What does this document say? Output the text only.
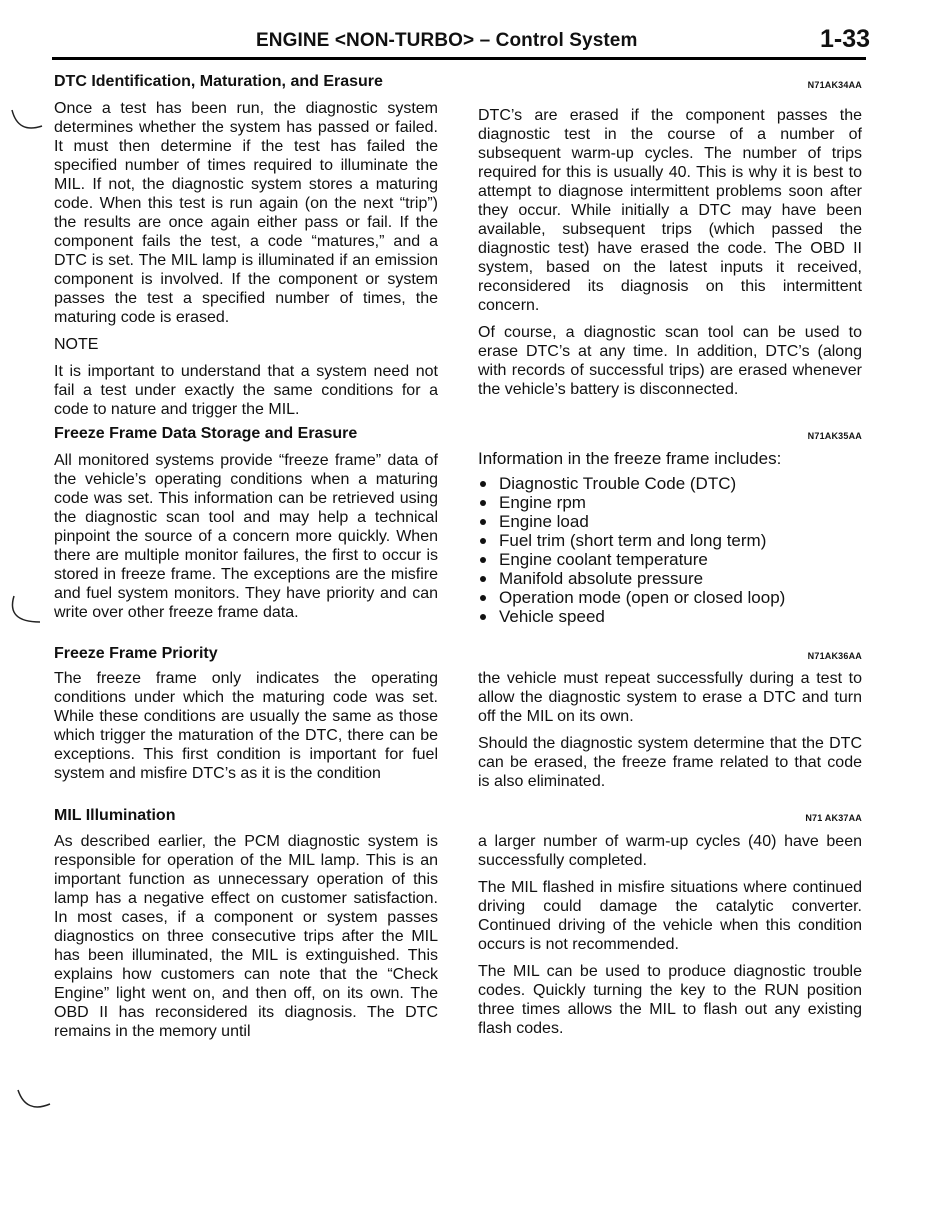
ENGINE <NON-TURBO> – Control System	1-33
DTC Identification, Maturation, and Erasure	N71AK34AA

Once a test has been run, the diagnostic system determines whether the system has passed or failed. It must then determine if the test has failed the specified number of times required to illuminate the MIL. If not, the diagnostic system stores a maturing code. When this test is run again (on the next “trip”) the results are once again either pass or fail. If the component fails the test, a code “matures,” and a DTC is set. The MIL lamp is illuminated if an emission component is involved. If the component or system passes the test a specified number of times, the maturing code is erased.

NOTE

It is important to understand that a system need not fail a test under exactly the same conditions for a code to nature and trigger the MIL.

DTC’s are erased if the component passes the diagnostic test in the course of a number of subsequent warm-up cycles. The number of trips required for this is usually 40. This is why it is best to attempt to diagnose intermittent problems soon after they occur. While initially a DTC may have been available, subsequent trips (which passed the diagnostic test) have erased the code. The OBD II system, based on the latest inputs it received, reconsidered its diagnosis on this intermittent concern.

Of course, a diagnostic scan tool can be used to erase DTC’s at any time. In addition, DTC’s (along with records of successful trips) are erased whenever the vehicle’s battery is disconnected.

Freeze Frame Data Storage and Erasure	N71AK35AA

All monitored systems provide “freeze frame” data of the vehicle’s operating conditions when a maturing code was set. This information can be retrieved using the diagnostic scan tool and may help a technical pinpoint the source of a concern more quickly. When there are multiple monitor failures, the first to occur is stored in freeze frame. The exceptions are the misfire and fuel system monitors. They have priority and can write over other freeze frame data.

Information in the freeze frame includes:

Diagnostic Trouble Code (DTC)
Engine rpm
Engine load
Fuel trim (short term and long term)
Engine coolant temperature
Manifold absolute pressure
Operation mode (open or closed loop)
Vehicle speed
Freeze Frame Priority	N71AK36AA

The freeze frame only indicates the operating conditions under which the maturing code was set. While these conditions are usually the same as those which trigger the maturation of the DTC, there can be exceptions. This first condition is important for fuel system and misfire DTC’s as it is the condition

the vehicle must repeat successfully during a test to allow the diagnostic system to erase a DTC and turn off the MIL on its own.

Should the diagnostic system determine that the DTC can be erased, the freeze frame related to that code is also eliminated.

MIL Illumination	N71 AK37AA

As described earlier, the PCM diagnostic system is responsible for operation of the MIL lamp. This is an important function as unnecessary operation of this lamp has a negative effect on customer satisfaction. In most cases, if a component or system passes diagnostics on three consecutive trips after the MIL has been illuminated, the MIL is extinguished. This explains how customers can note that the “Check Engine” light went on, and then off, on its own. The OBD II has reconsidered its diagnosis. The DTC remains in the memory until

a larger number of warm-up cycles (40) have been successfully completed.

The MIL flashed in misfire situations where continued driving could damage the catalytic converter. Continued driving of the vehicle when this condition occurs is not recommended.

The MIL can be used to produce diagnostic trouble codes. Quickly turning the key to the RUN position three times allows the MIL to flash out any existing flash codes.
